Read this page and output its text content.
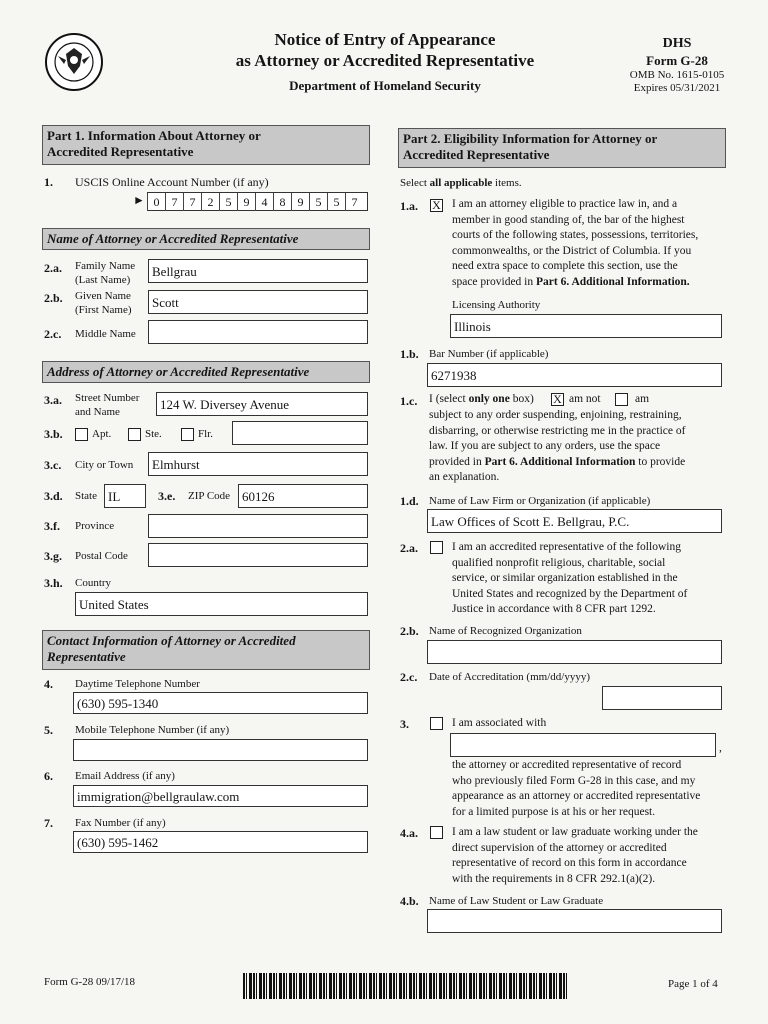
Notice of Entry of Appearance
as Attorney or Accredited Representative
Department of Homeland Security
DHS
Form G-28
OMB No. 1615-0105
Expires 05/31/2021
Part 1. Information About Attorney or
Accredited Representative
1. USCIS Online Account Number (if any)
► 0	7	7	2	5	9	4	8	9	5	5	7
Name of Attorney or Accredited Representative
2.a. Family Name
(Last Name)
Bellgrau
2.b. Given Name
(First Name)	Scott
2.c. Middle Name
Address of Attorney or Accredited Representative
3.a. Street Number
and Name	124 W. Diversey Avenue
3.b.	Apt.	Ste.	Flr.
3.c. City or Town	Elmhurst
3.d. State IL	3.e. ZIP Code 60126
3.f. Province
3.g. Postal Code
3.h. Country
United States
Contact Information of Attorney or Accredited
Representative
4. Daytime Telephone Number
(630) 595-1340
5. Mobile Telephone Number (if any)
6. Email Address (if any)
immigration@bellgraulaw.com
7. Fax Number (if any)
(630) 595-1462
Part 2. Eligibility Information for Attorney or
Accredited Representative
Select all applicable items.
1.a. X I am an attorney eligible to practice law in, and a
member in good standing of, the bar of the highest
courts of the following states, possessions, territories,
commonwealths, or the District of Columbia. If you
need extra space to complete this section, use the
space provided in Part 6. Additional Information.
Licensing Authority
Illinois
1.b. Bar Number (if applicable)
6271938
1.c. I (select only one box) X am not	am
subject to any order suspending, enjoining, restraining,
disbarring, or otherwise restricting me in the practice of
law. If you are subject to any orders, use the space
provided in Part 6. Additional Information to provide
an explanation.
1.d. Name of Law Firm or Organization (if applicable)
Law Offices of Scott E. Bellgrau, P.C.
2.a.	I am an accredited representative of the following
qualified nonprofit religious, charitable, social
service, or similar organization established in the
United States and recognized by the Department of
Justice in accordance with 8 CFR part 1292.
2.b. Name of Recognized Organization
2.c. Date of Accreditation (mm/dd/yyyy)
3.	I am associated with
,
the attorney or accredited representative of record
who previously filed Form G-28 in this case, and my
appearance as an attorney or accredited representative
for a limited purpose is at his or her request.
4.a.	I am a law student or law graduate working under the
direct supervision of the attorney or accredited
representative of record on this form in accordance
with the requirements in 8 CFR 292.1(a)(2).
4.b. Name of Law Student or Law Graduate
Form G-28 09/17/18	Page 1 of 4
